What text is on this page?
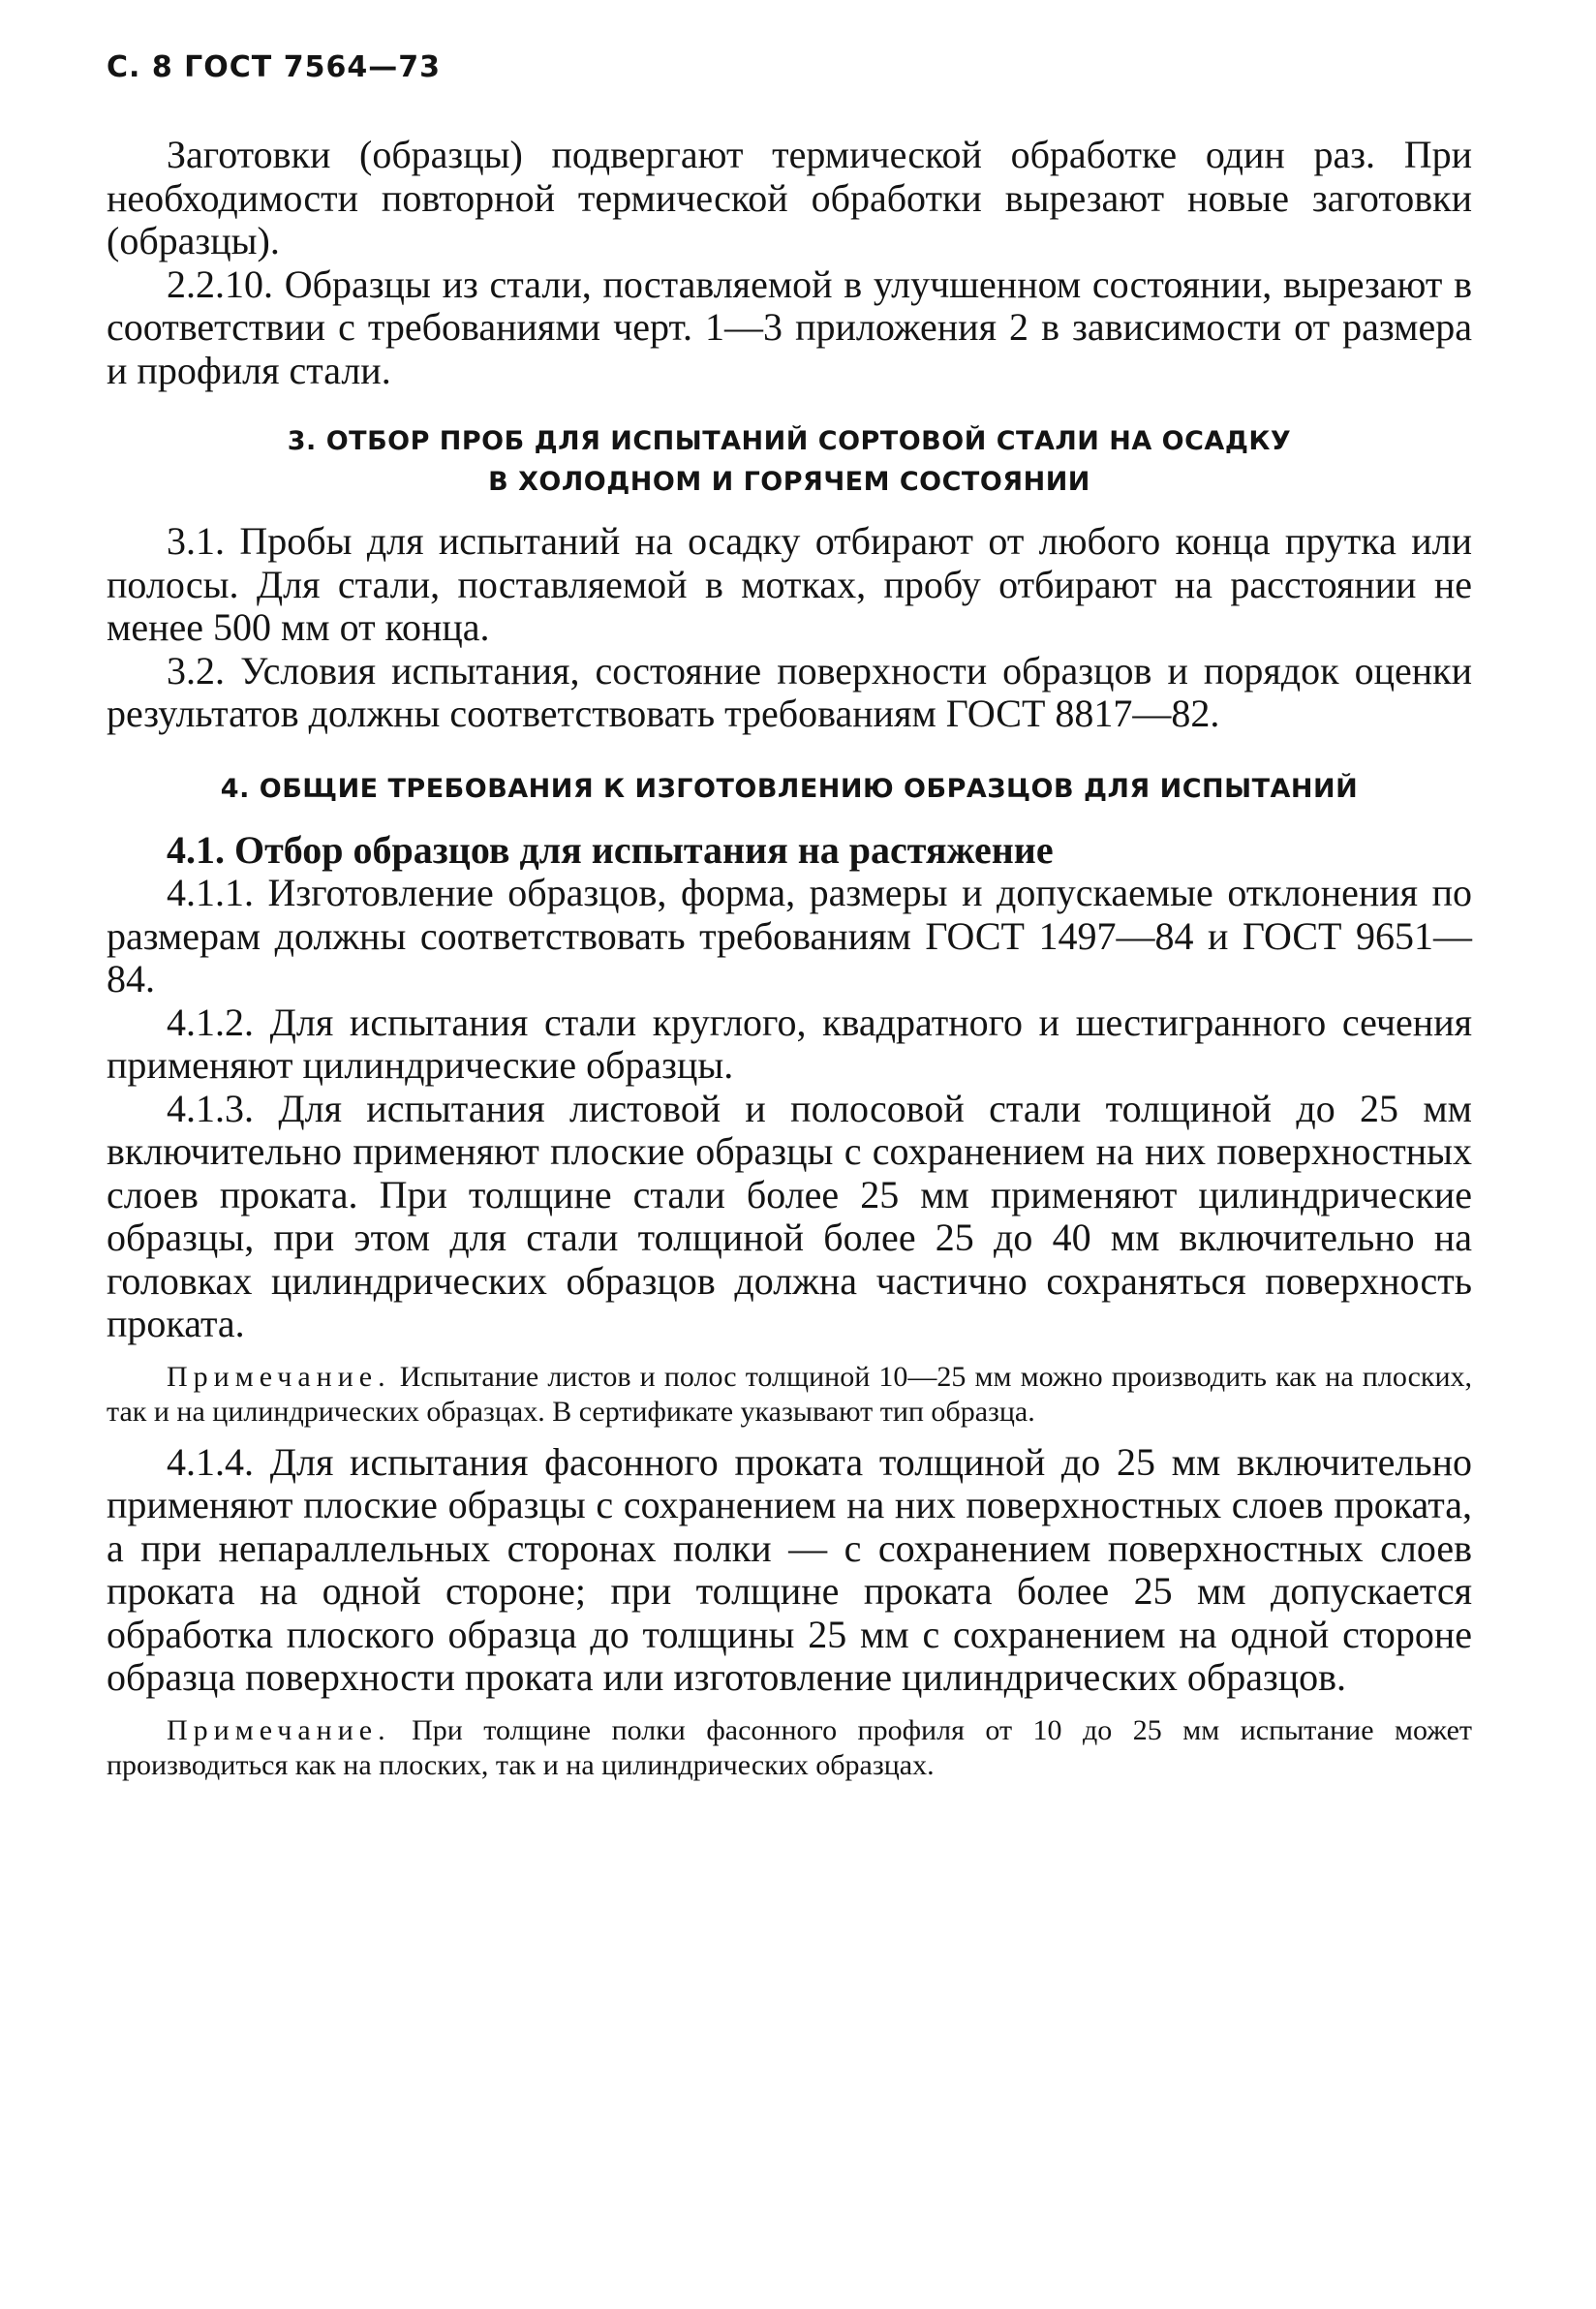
С. 8 ГОСТ 7564—73

Заготовки (образцы) подвергают термической обработке один раз. При необходимости повторной термической обработки вырезают новые заготовки (образцы).

2.2.10. Образцы из стали, поставляемой в улучшенном состоянии, вырезают в соответствии с требованиями черт. 1—3 приложения 2 в зависимости от размера и профиля стали.

3. ОТБОР ПРОБ ДЛЯ ИСПЫТАНИЙ СОРТОВОЙ СТАЛИ НА ОСАДКУ
В ХОЛОДНОМ И ГОРЯЧЕМ СОСТОЯНИИ

3.1. Пробы для испытаний на осадку отбирают от любого конца прутка или полосы. Для стали, поставляемой в мотках, пробу отбирают на расстоянии не менее 500 мм от конца.

3.2. Условия испытания, состояние поверхности образцов и порядок оценки результатов должны соответствовать требованиям ГОСТ 8817—82.

4. ОБЩИЕ ТРЕБОВАНИЯ К ИЗГОТОВЛЕНИЮ ОБРАЗЦОВ ДЛЯ ИСПЫТАНИЙ

4.1. Отбор образцов для испытания на растяжение

4.1.1. Изготовление образцов, форма, размеры и допускаемые отклонения по размерам должны соответствовать требованиям ГОСТ 1497—84 и ГОСТ 9651—84.

4.1.2. Для испытания стали круглого, квадратного и шестигранного сечения применяют цилиндрические образцы.

4.1.3. Для испытания листовой и полосовой стали толщиной до 25 мм включительно применяют плоские образцы с сохранением на них поверхностных слоев проката. При толщине стали более 25 мм применяют цилиндрические образцы, при этом для стали толщиной более 25 до 40 мм включительно на головках цилиндрических образцов должна частично сохраняться поверхность проката.

Примечание. Испытание листов и полос толщиной 10—25 мм можно производить как на плоских, так и на цилиндрических образцах. В сертификате указывают тип образца.

4.1.4. Для испытания фасонного проката толщиной до 25 мм включительно применяют плоские образцы с сохранением на них поверхностных слоев проката, а при непараллельных сторонах полки — с сохранением поверхностных слоев проката на одной стороне; при толщине проката более 25 мм допускается обработка плоского образца до толщины 25 мм с сохранением на одной стороне образца поверхности проката или изготовление цилиндрических образцов.

Примечание. При толщине полки фасонного профиля от 10 до 25 мм испытание может производиться как на плоских, так и на цилиндрических образцах.
